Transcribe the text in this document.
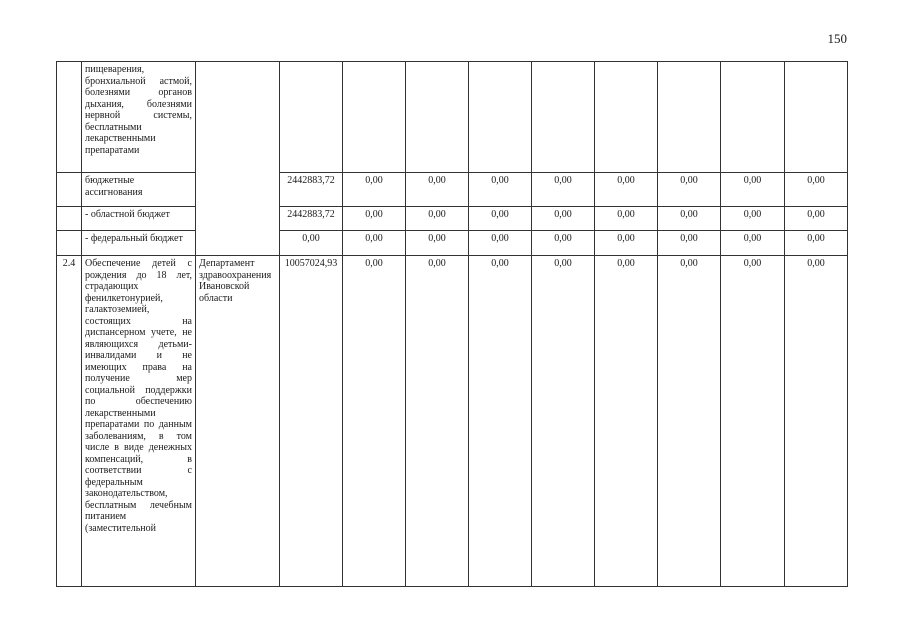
150

	пищеварения, бронхиальной астмой, болезнями органов дыхания, болезнями нервной системы, бесплатными лекарственными препаратами										

	бюджетные ассигнования		2442883,72	0,00	0,00	0,00	0,00	0,00	0,00	0,00	0,00
	- областной бюджет		2442883,72	0,00	0,00	0,00	0,00	0,00	0,00	0,00	0,00
	- федеральный бюджет		0,00	0,00	0,00	0,00	0,00	0,00	0,00	0,00	0,00
2.4	Обеспечение детей с рождения до 18 лет, страдающих фенилкетонурией, галактоземией, состоящих на диспансерном учете, не являющихся детьми-инвалидами и не имеющих права на получение мер социальной поддержки по обеспечению лекарственными препаратами по данным заболеваниям, в том числе в виде денежных компенсаций, в соответствии с федеральным законодательством, бесплатным лечебным питанием (заместительной	Департамент здравоохранения Ивановской области	10057024,93	0,00	0,00	0,00	0,00	0,00	0,00	0,00	0,00
